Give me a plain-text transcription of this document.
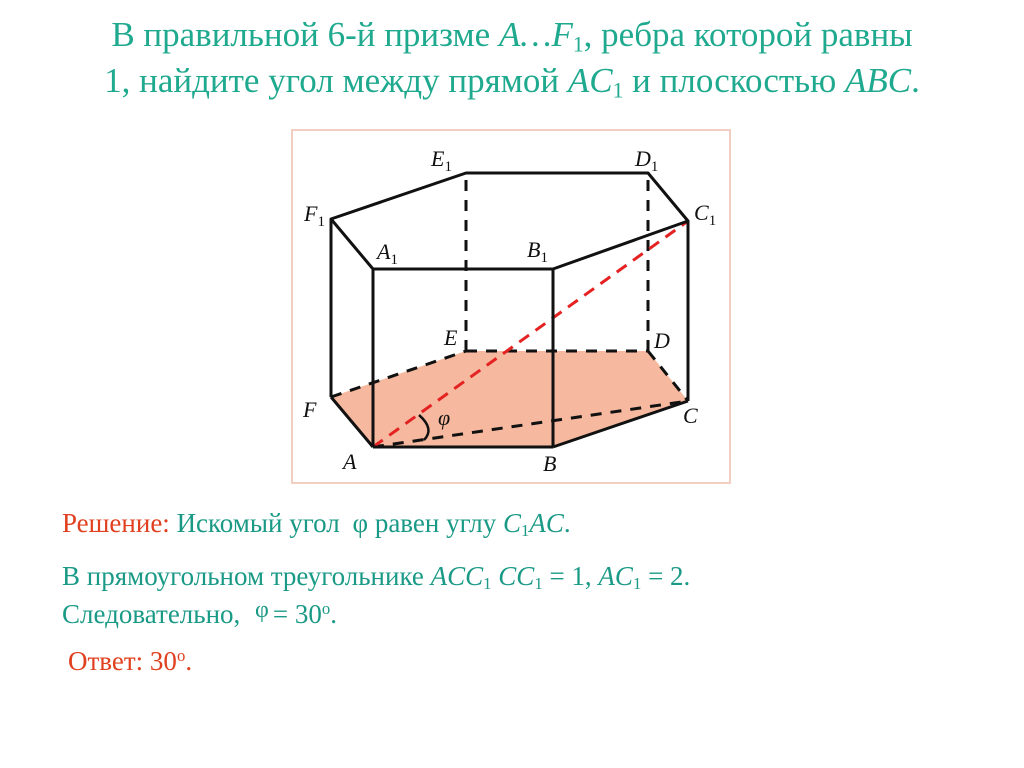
В правильной 6-й призме $A\dots F_1$, ребра которой равны
1, найдите угол между прямой $AC_1$ и плоскостью ABC.
$E_1$	$D_1$
$F_1$	$C_1$
$A_1$	$B_1$
E	D
F	C
A	B
φ
Решение: Искомый угол φ равен углу $C_1AC$.
В прямоугольном треугольнике $ACC_1$ $CC_1 = 1$, $AC_1 = 2$.
Следовательно, $\varphi = 30^o$.
Ответ: 30$^o$.
